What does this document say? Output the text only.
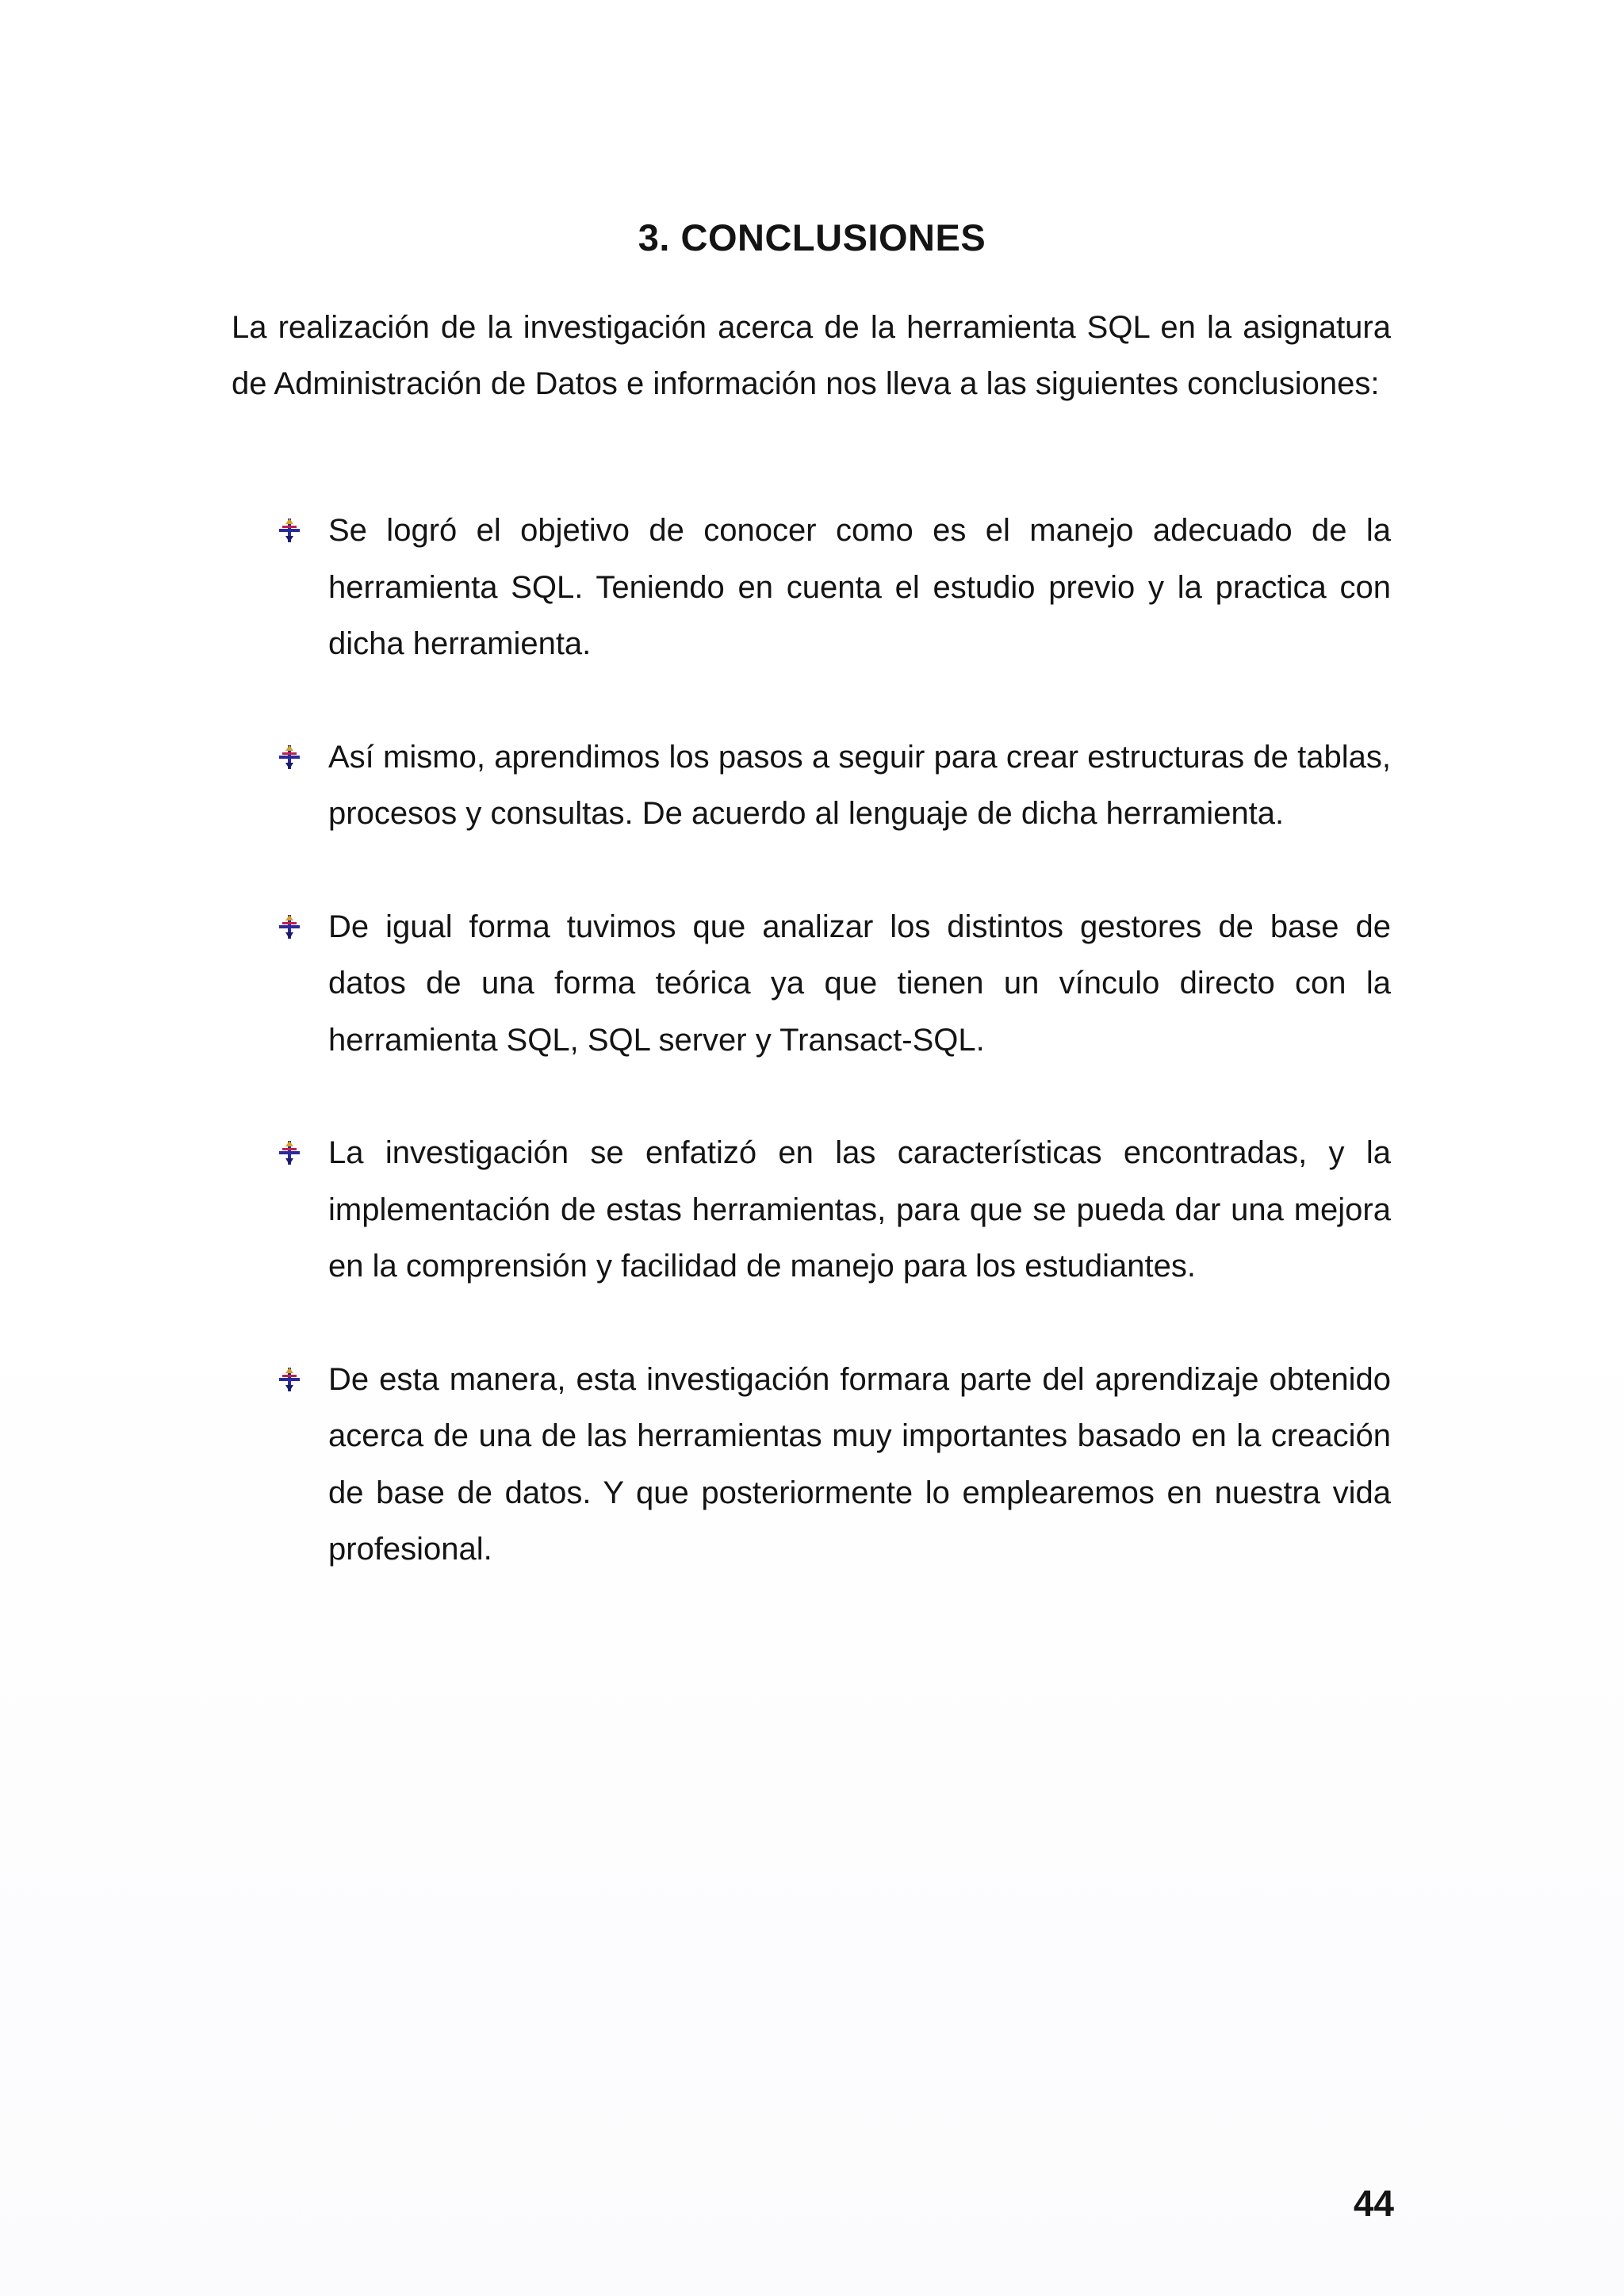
3. CONCLUSIONES

La realización de la investigación acerca de la herramienta SQL en la asignatura de Administración de Datos e información nos lleva a las siguientes conclusiones:

Se logró el objetivo de conocer como es el manejo adecuado de la herramienta SQL. Teniendo en cuenta el estudio previo y la practica con dicha herramienta.
Así mismo, aprendimos los pasos a seguir para crear estructuras de tablas, procesos y consultas. De acuerdo al lenguaje de dicha herramienta.
De igual forma tuvimos que analizar los distintos gestores de base de datos de una forma teórica ya que tienen un vínculo directo con la herramienta SQL, SQL server y Transact-SQL.
La investigación se enfatizó en las características encontradas, y la implementación de estas herramientas, para que se pueda dar una mejora en la comprensión y facilidad de manejo para los estudiantes.
De esta manera, esta investigación formara parte del aprendizaje obtenido acerca de una de las herramientas muy importantes basado en la creación de base de datos. Y que posteriormente lo emplearemos en nuestra vida profesional.
44
